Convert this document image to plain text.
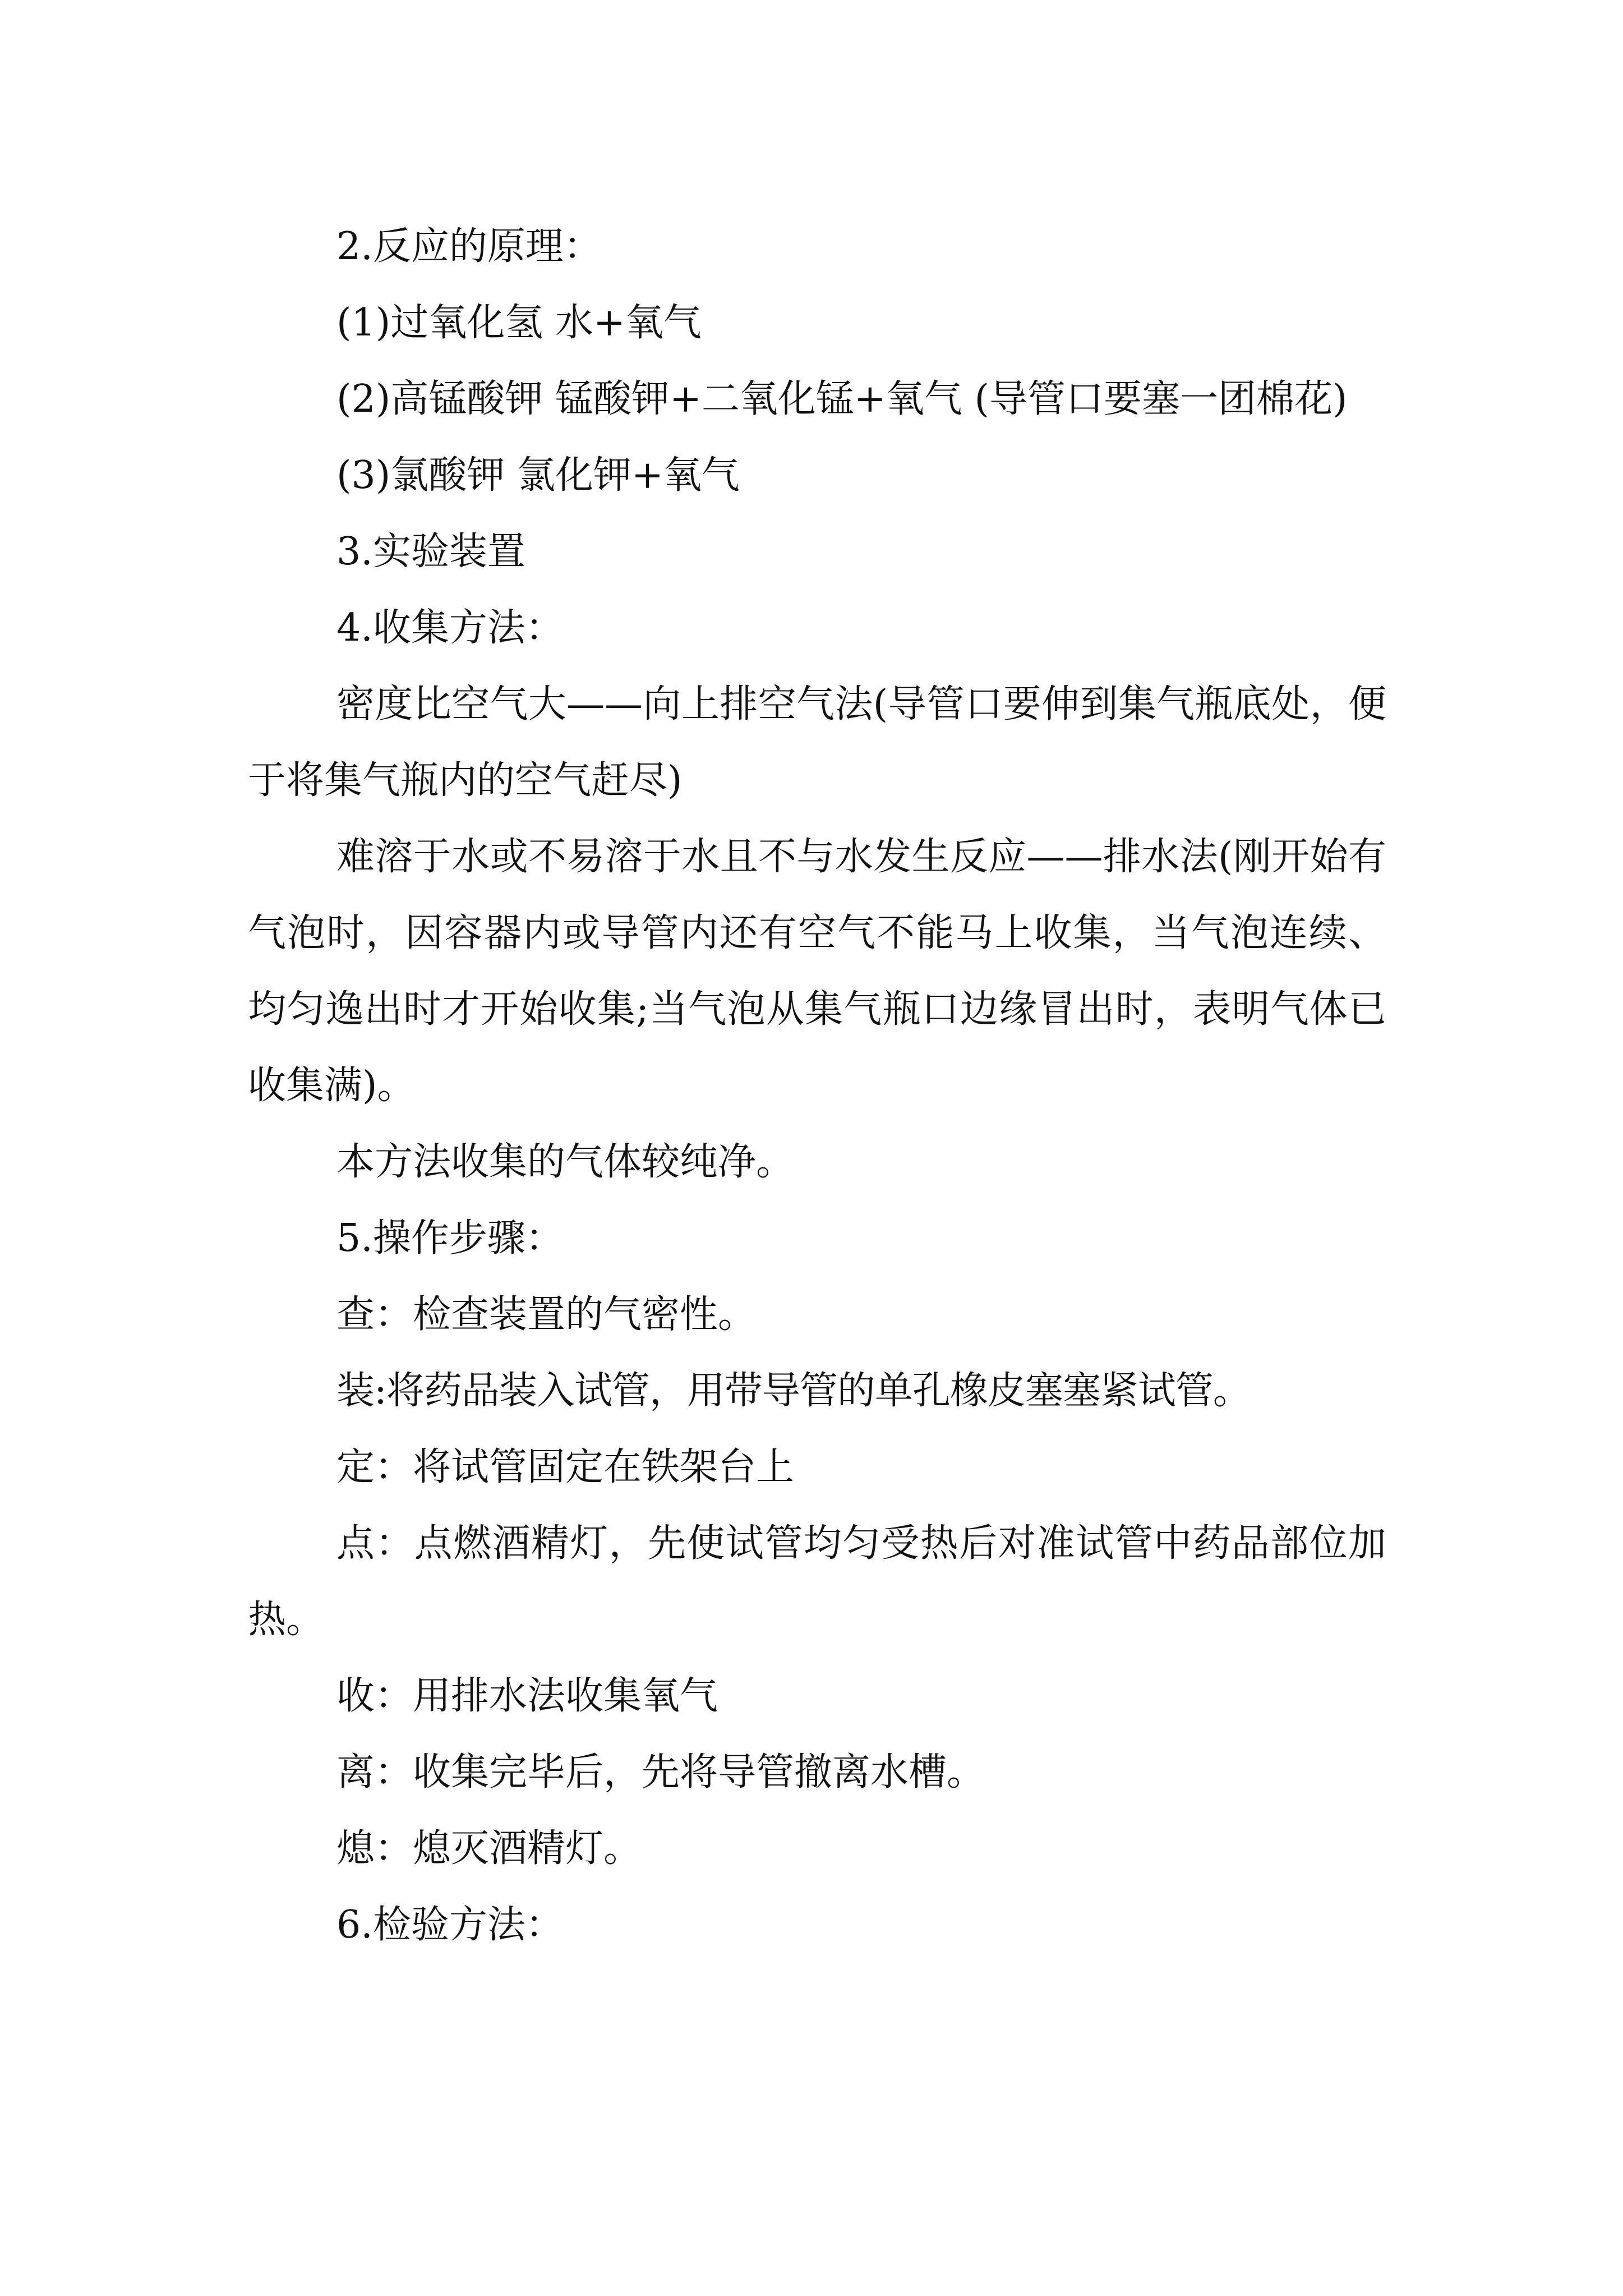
2.反应的原理：

(1)过氧化氢 水+氧气

(2)高锰酸钾 锰酸钾+二氧化锰+氧气 (导管口要塞一团棉花)

(3)氯酸钾 氯化钾+氧气

3.实验装置

4.收集方法：

密度比空气大——向上排空气法(导管口要伸到集气瓶底处，便于将集气瓶内的空气赶尽)

难溶于水或不易溶于水且不与水发生反应——排水法(刚开始有气泡时，因容器内或导管内还有空气不能马上收集，当气泡连续、均匀逸出时才开始收集;当气泡从集气瓶口边缘冒出时，表明气体已收集满)。

本方法收集的气体较纯净。

5.操作步骤：

查：检查装置的气密性。

装:将药品装入试管，用带导管的单孔橡皮塞塞紧试管。

定：将试管固定在铁架台上

点：点燃酒精灯，先使试管均匀受热后对准试管中药品部位加热。

收：用排水法收集氧气

离：收集完毕后，先将导管撤离水槽。

熄：熄灭酒精灯。

6.检验方法：
